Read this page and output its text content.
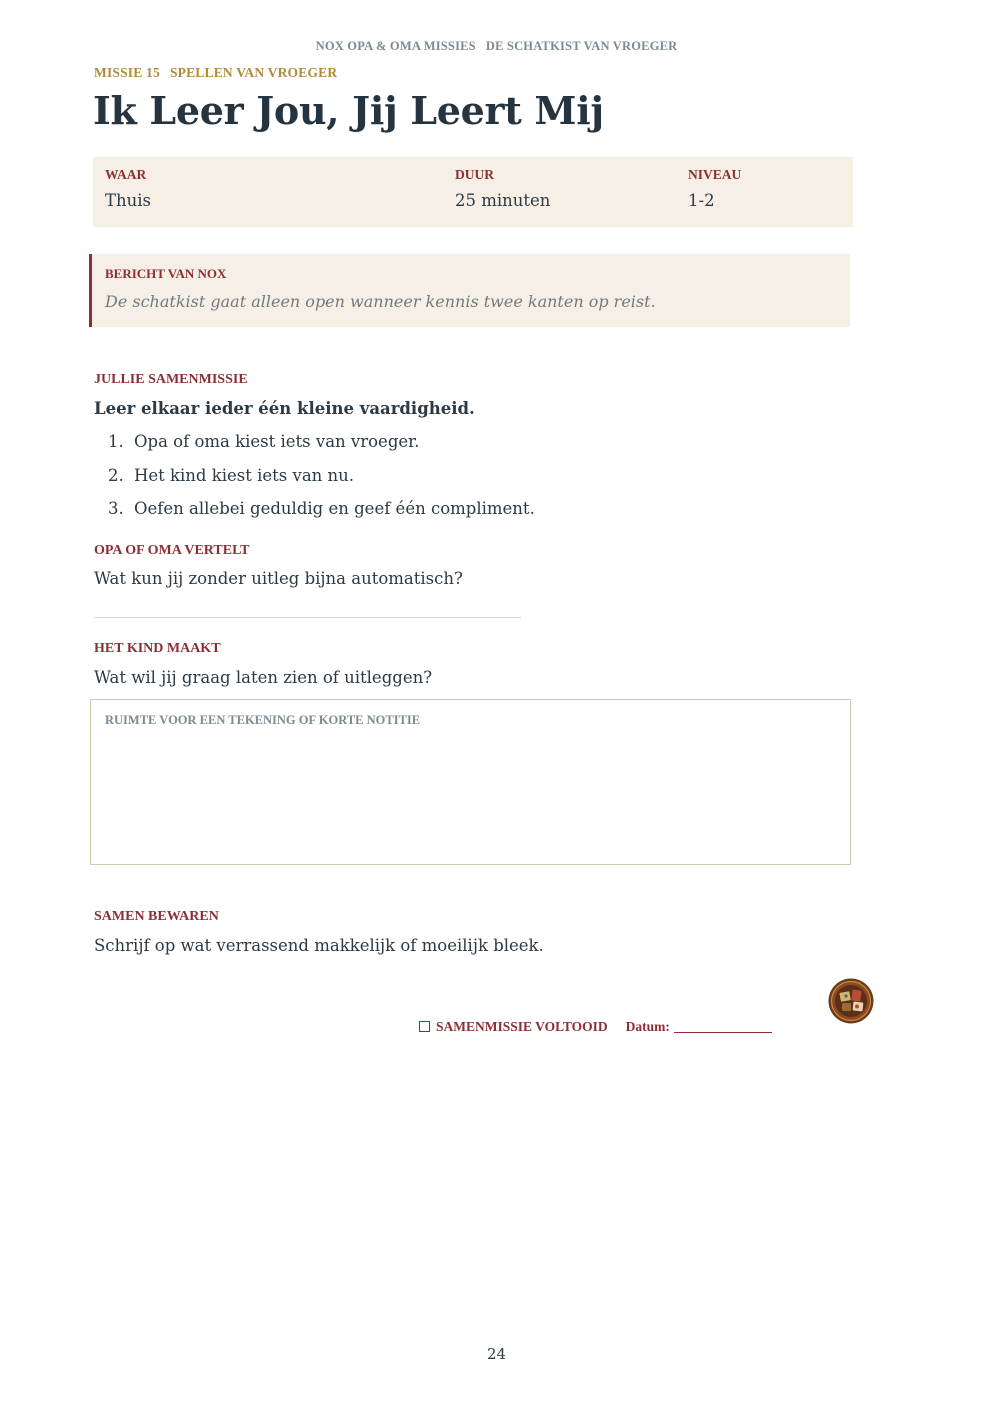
NOX OPA & OMA MISSIES DE SCHATKIST VAN VROEGER
MISSIE 15 SPELLEN VAN VROEGER
Ik Leer Jou, Jij Leert Mij
WAAR
Thuis
DUUR
25 minuten
NIVEAU
1-2
BERICHT VAN NOX
De schatkist gaat alleen open wanneer kennis twee kanten op reist.
JULLIE SAMENMISSIE
Leer elkaar ieder één kleine vaardigheid.
1. Opa of oma kiest iets van vroeger.
2. Het kind kiest iets van nu.
3. Oefen allebei geduldig en geef één compliment.
OPA OF OMA VERTELT
Wat kun jij zonder uitleg bijna automatisch?
HET KIND MAAKT
Wat wil jij graag laten zien of uitleggen?
RUIMTE VOOR EEN TEKENING OF KORTE NOTITIE
SAMEN BEWAREN
Schrijf op wat verrassend makkelijk of moeilijk bleek.
SAMENMISSIE VOLTOOID Datum:
24
